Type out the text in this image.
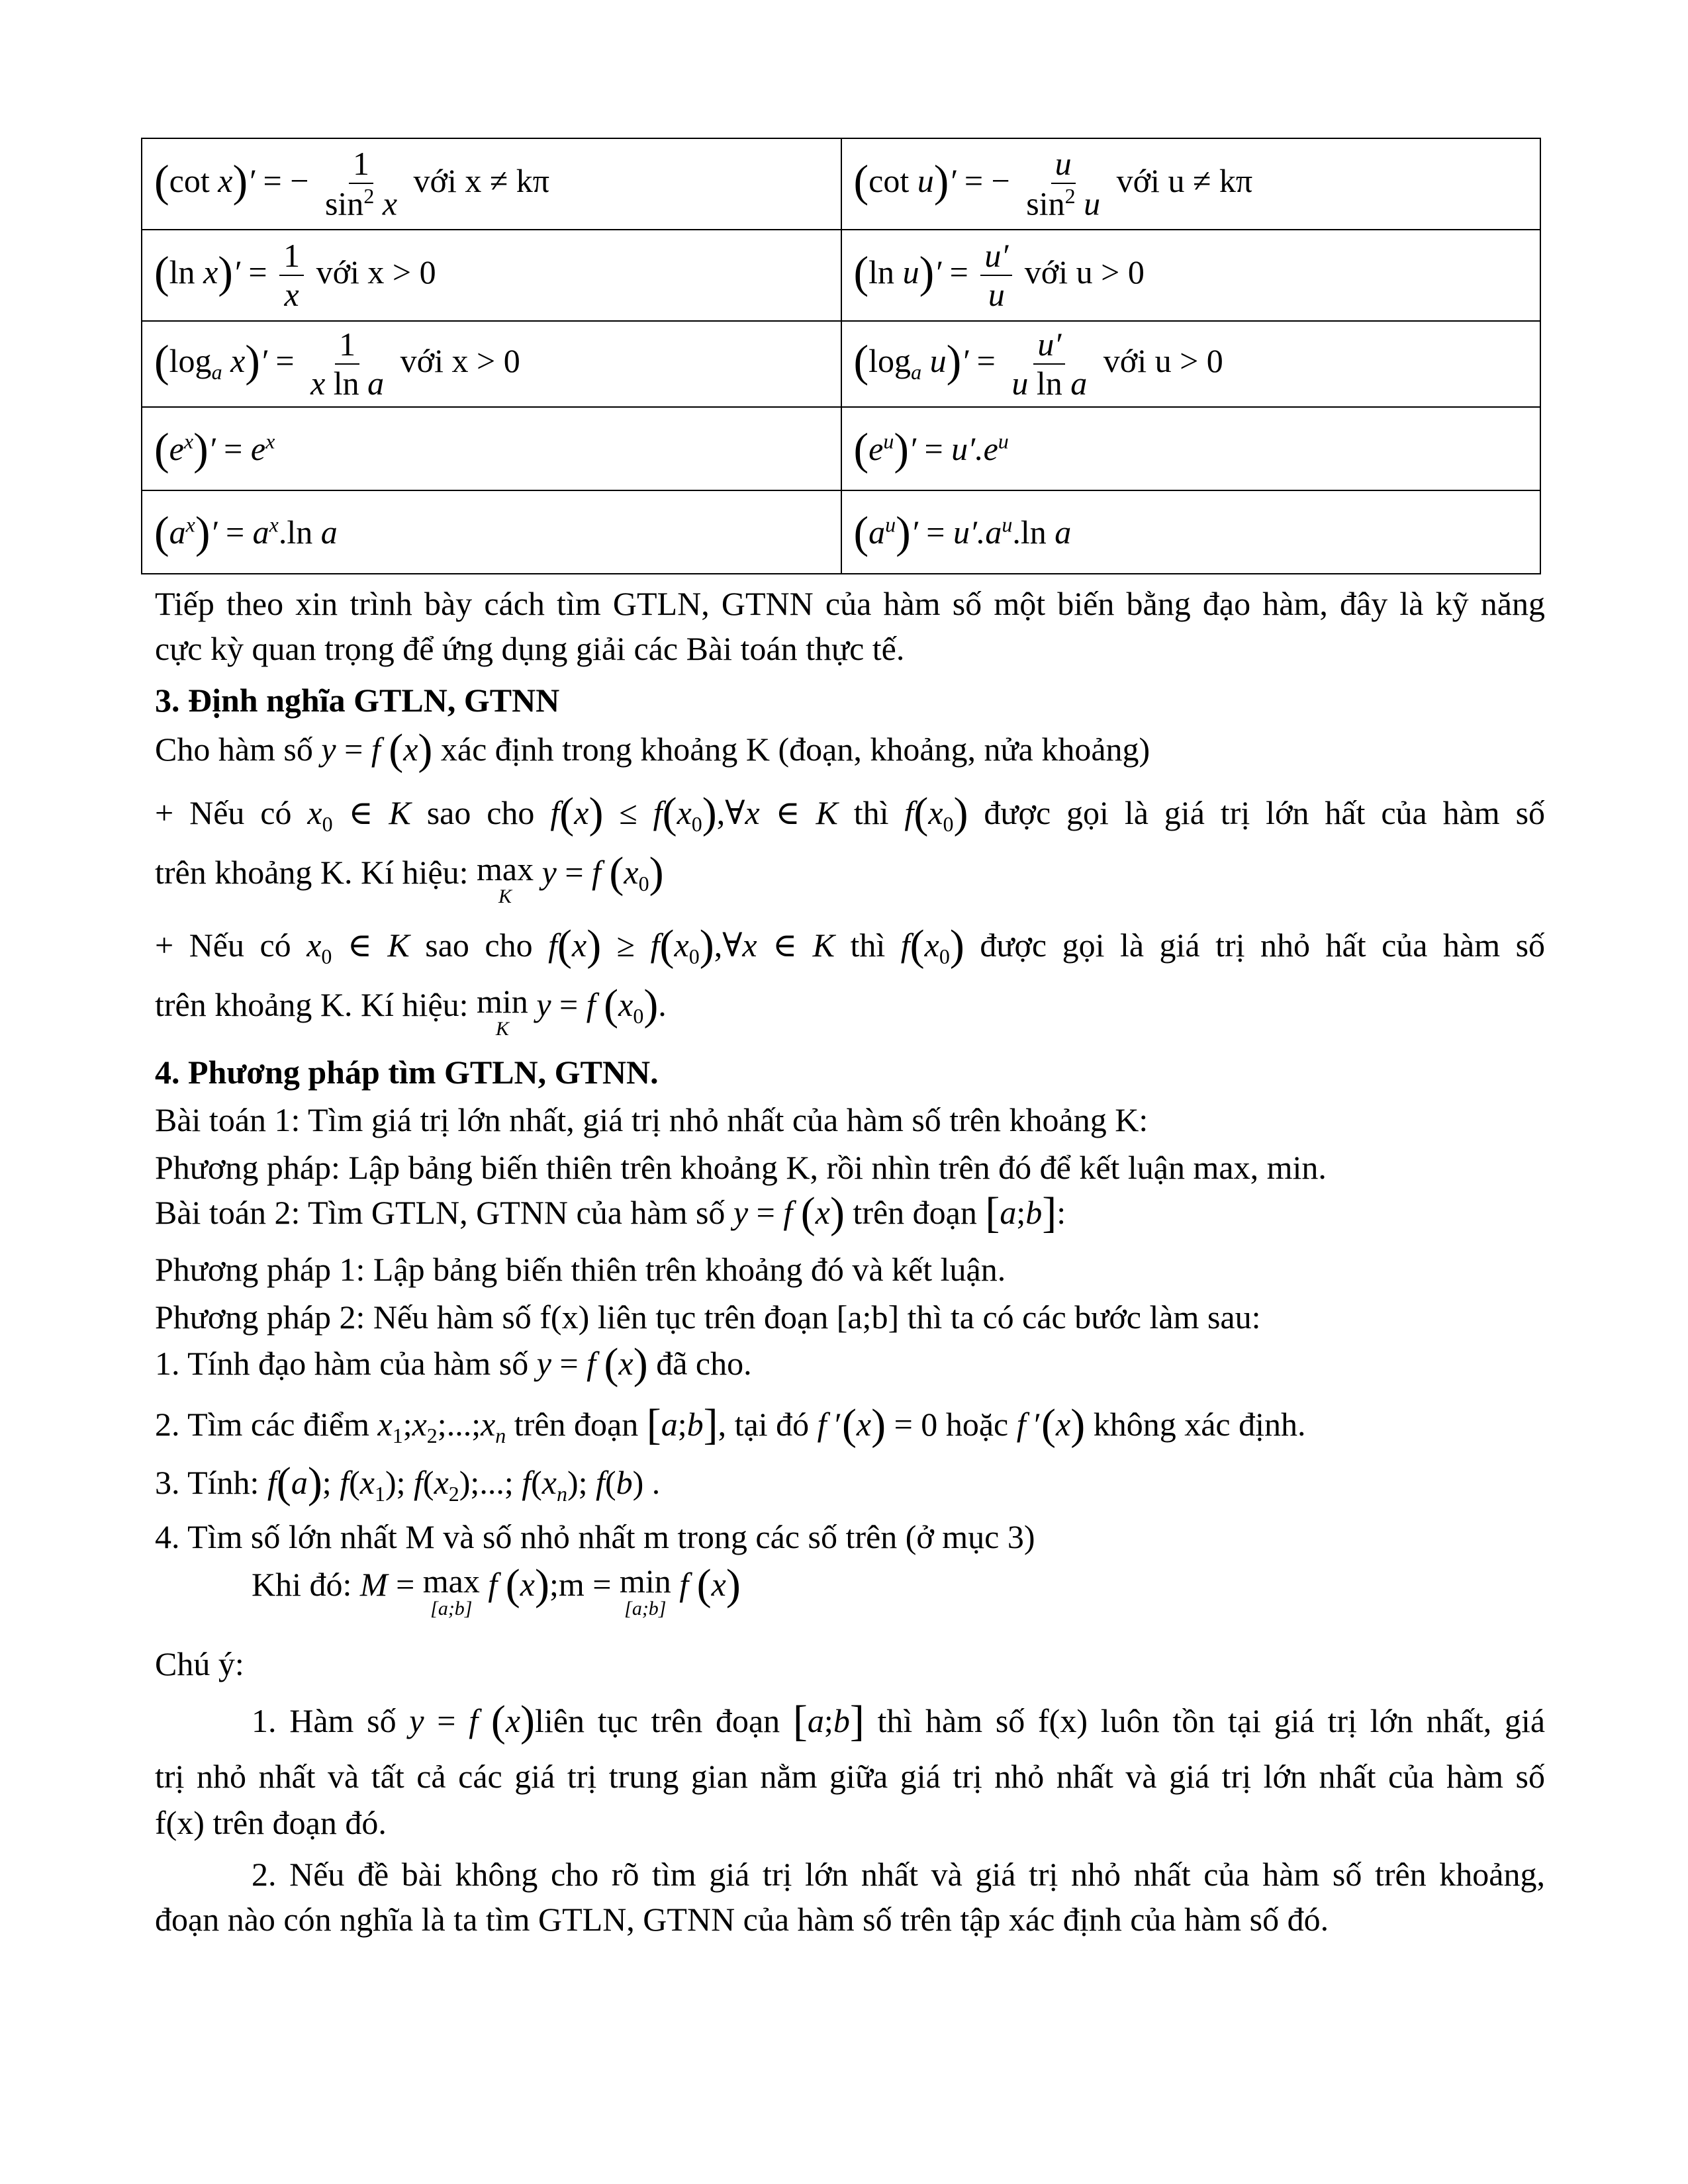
(cot x)′ = − $\frac{1}{\sin^2 x}$ với x ≠ kπ	(cot u)′ = − $\frac{u}{\sin^2 u}$ với u ≠ kπ
(ln $x)' = \frac{1}{x}$ với x > 0	(ln $u)' = \frac{u'}{u}$ với u > 0
($\log_a$ $x)' = \frac{1}{\text{x ln a}}$ với x > 0	($\log_a$ $u)' = \frac{u'}{\text{u ln a}}$ với u > 0
$(e^x)' = e^x$	$(e^u)' = u'.e^u$
$(a^x)' = a^x.\ln$ a	$(a^u)' = u'.a^u.\ln$ a
Tiếp theo xin trình bày cách tìm GTLN, GTNN của hàm số một biến bằng đạo hàm, đây là kỹ năng
cực kỳ quan trọng để ứng dụng giải các Bài toán thực tế.
3. Định nghĩa GTLN, GTNN
Cho hàm số y = f (x) xác định trong khoảng K (đoạn, khoảng, nửa khoảng)
+ Nếu có $x_0$ ∈ K sao cho $f(x) \le f(x_0),\forall x$ ∈ K thì $f(x_0)$ được gọi là giá trị lớn hất của hàm số
trên khoảng K. Kí hiệu: max
K
y = f $(x_0)$
+ Nếu có $x_0$ ∈ K sao cho $f(x) \ge f(x_0),\forall x$ ∈ K thì $f(x_0)$ được gọi là giá trị nhỏ hất của hàm số
trên khoảng K. Kí hiệu: min
K
y = f $(x_0)$.
4. Phương pháp tìm GTLN, GTNN.
Bài toán 1: Tìm giá trị lớn nhất, giá trị nhỏ nhất của hàm số trên khoảng K:
Phương pháp: Lập bảng biến thiên trên khoảng K, rồi nhìn trên đó để kết luận max, min.
Bài toán 2: Tìm GTLN, GTNN của hàm số y = f (x) trên đoạn [a;b]:
Phương pháp 1: Lập bảng biến thiên trên khoảng đó và kết luận.
Phương pháp 2: Nếu hàm số f(x) liên tục trên đoạn [a;b] thì ta có các bước làm sau:
1. Tính đạo hàm của hàm số y = f (x) đã cho.
2. Tìm các điểm $x_1;x_2;...;x_n$ trên đoạn [a;b], tại đó f ′(x) = 0 hoặc f ′(x) không xác định.
3. Tính: f(a); $f(x_1)$; $f(x_2)$;...; $f(x_n)$; f(b) .
4. Tìm số lớn nhất M và số nhỏ nhất m trong các số trên (ở mục 3)
Khi đó: M = max
[a;b]
f (x);m = min
[a;b]
f (x)
Chú ý:
1. Hàm số y = f (x)liên tục trên đoạn [a;b] thì hàm số f(x) luôn tồn tại giá trị lớn nhất, giá
trị nhỏ nhất và tất cả các giá trị trung gian nằm giữa giá trị nhỏ nhất và giá trị lớn nhất của hàm số
f(x) trên đoạn đó.
2. Nếu đề bài không cho rõ tìm giá trị lớn nhất và giá trị nhỏ nhất của hàm số trên khoảng,
đoạn nào cón nghĩa là ta tìm GTLN, GTNN của hàm số trên tập xác định của hàm số đó.
